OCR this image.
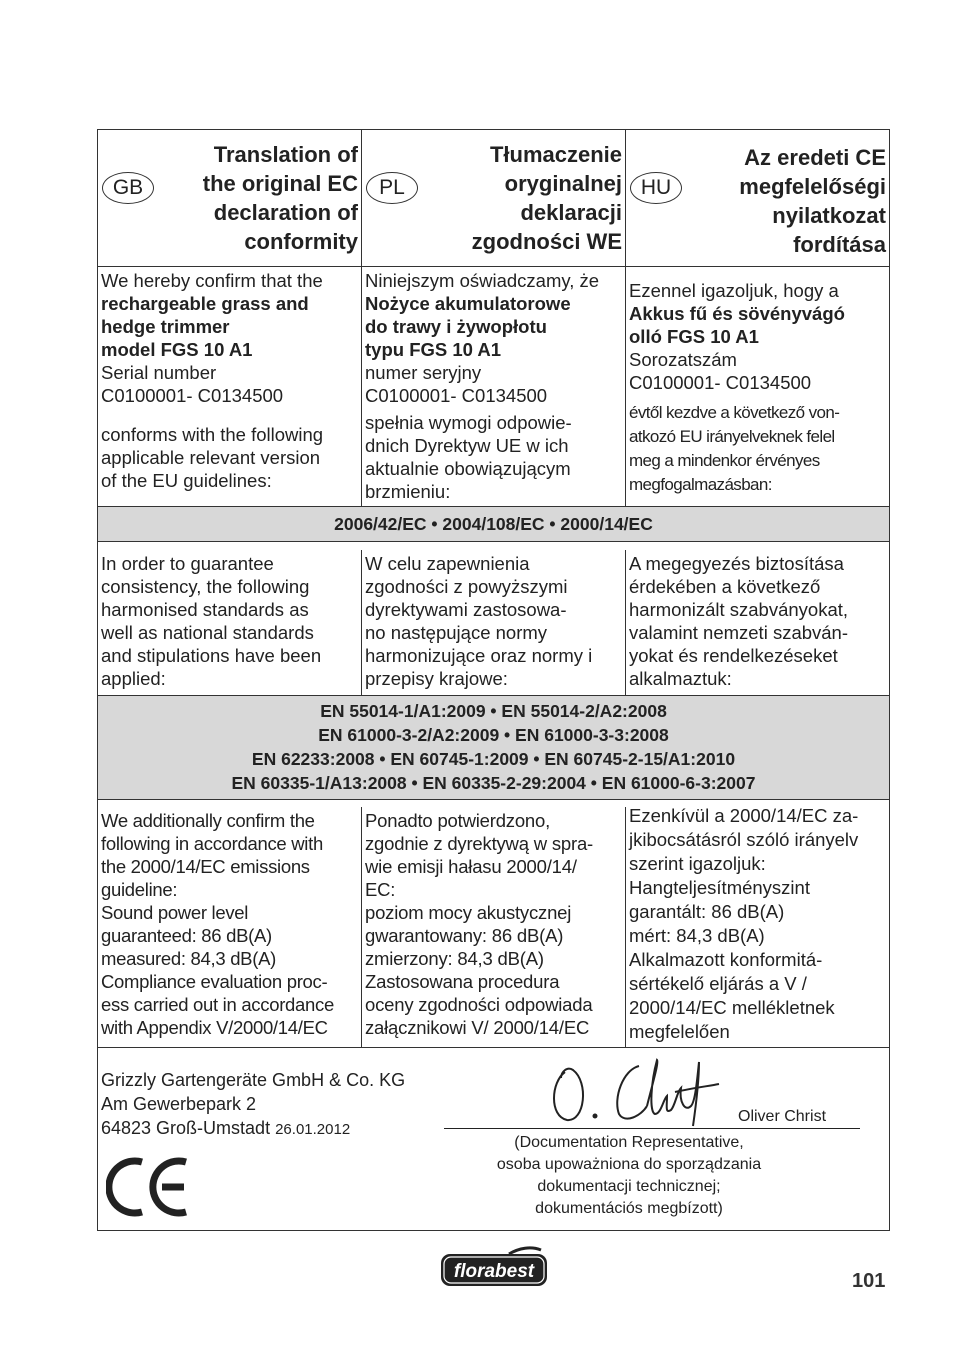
GB
Translation of
the original EC
declaration of
conformity
PL
Tłumaczenie
oryginalnej
deklaracji
zgodności WE
HU
Az eredeti CE
megfelelőségi
nyilatkozat
fordítása
We hereby confirm that the
rechargeable grass and
hedge trimmer
model FGS 10 A1
Serial number
C0100001- C0134500
conforms with the following
applicable relevant version
of the EU guidelines:
Niniejszym oświadczamy, że
Nożyce akumulatorowe
do trawy i żywopłotu
typu FGS 10 A1
numer seryjny
C0100001- C0134500
spełnia wymogi odpowie-
dnich Dyrektyw UE w ich
aktualnie obowiązującym
brzmieniu:
Ezennel igazoljuk, hogy a
Akkus fű és sövényvágó
olló FGS 10 A1
Sorozatszám
C0100001- C0134500
évtől kezdve a következő von-
atkozó EU irányelveknek felel
meg a mindenkor érvényes
megfogalmazásban:
2006/42/EC • 2004/108/EC • 2000/14/EC
In order to guarantee
consistency, the following
harmonised standards as
well as national standards
and stipulations have been
applied:
W celu zapewnienia
zgodności z powyższymi
dyrektywami zastosowa-
no następujące normy
harmonizujące oraz normy i
przepisy krajowe:
A megegyezés biztosítása
érdekében a következő
harmonizált szabványokat,
valamint nemzeti szabván-
yokat és rendelkezéseket
alkalmaztuk:
EN 55014-1/A1:2009 • EN 55014-2/A2:2008
EN 61000-3-2/A2:2009 • EN 61000-3-3:2008
EN 62233:2008 • EN 60745-1:2009 • EN 60745-2-15/A1:2010
EN 60335-1/A13:2008 • EN 60335-2-29:2004 • EN 61000-6-3:2007
We additionally confirm the
following in accordance with
the 2000/14/EC emissions
guideline:
Sound power level
guaranteed: 86 dB(A)
measured: 84,3 dB(A)
Compliance evaluation proc-
ess carried out in accordance
with Appendix V/2000/14/EC
Ponadto potwierdzono,
zgodnie z dyrektywą w spra-
wie emisji hałasu 2000/14/
EC:
poziom mocy akustycznej
gwarantowany: 86 dB(A)
zmierzony: 84,3 dB(A)
Zastosowana procedura
oceny zgodności odpowiada
załącznikowi V/ 2000/14/EC
Ezenkívül a 2000/14/EC za-
jkibocsátásról szóló irányelv
szerint igazoljuk:
Hangteljesítményszint
garantált: 86 dB(A)
mért: 84,3 dB(A)
Alkalmazott konformitá-
sértékelő eljárás a V /
2000/14/EC mellékletnek
megfelelően
Grizzly Gartengeräte GmbH & Co. KG
Am Gewerbepark 2
64823 Groß-Umstadt 26.01.2012
Oliver Christ
(Documentation Representative,
osoba upoważniona do sporządzania
dokumentacji technicznej;
dokumentációs megbízott)
florabest	101
